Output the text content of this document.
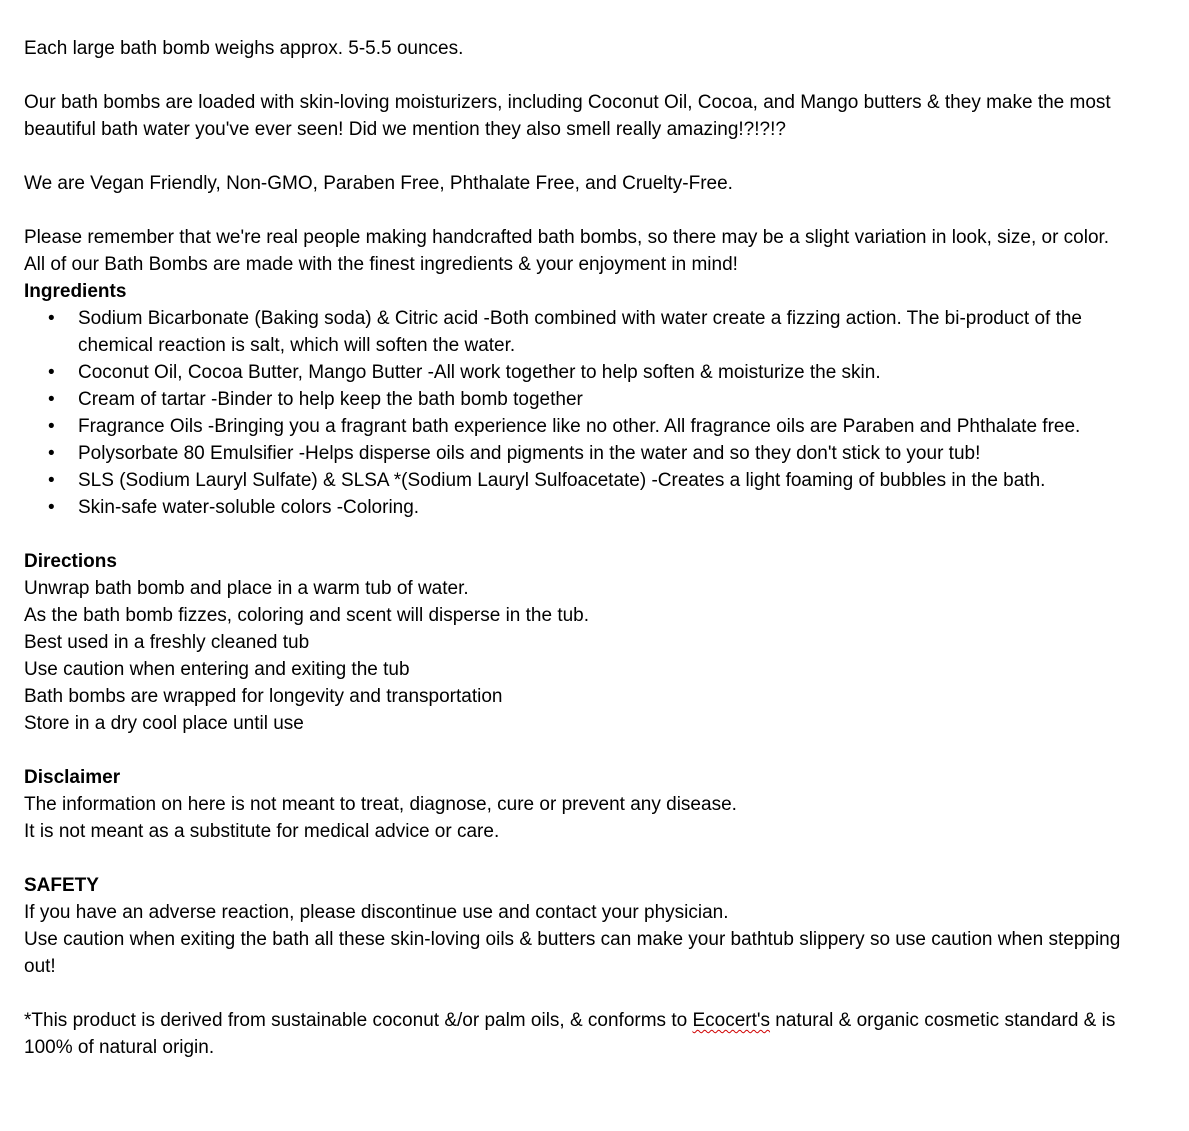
Each large bath bomb weighs approx. 5-5.5 ounces.

Our bath bombs are loaded with skin-loving moisturizers, including Coconut Oil, Cocoa, and Mango butters & they make the most beautiful bath water you've ever seen! Did we mention they also smell really amazing!?!?!?

We are Vegan Friendly, Non-GMO, Paraben Free, Phthalate Free, and Cruelty-Free.

Please remember that we're real people making handcrafted bath bombs, so there may be a slight variation in look, size, or color. All of our Bath Bombs are made with the finest ingredients & your enjoyment in mind!

Ingredients

• Sodium Bicarbonate (Baking soda) & Citric acid -Both combined with water create a fizzing action. The bi-product of the chemical reaction is salt, which will soften the water.
• Coconut Oil, Cocoa Butter, Mango Butter -All work together to help soften & moisturize the skin.
• Cream of tartar -Binder to help keep the bath bomb together
• Fragrance Oils -Bringing you a fragrant bath experience like no other. All fragrance oils are Paraben and Phthalate free.
• Polysorbate 80 Emulsifier -Helps disperse oils and pigments in the water and so they don't stick to your tub!
• SLS (Sodium Lauryl Sulfate) & SLSA *(Sodium Lauryl Sulfoacetate) -Creates a light foaming of bubbles in the bath.
• Skin-safe water-soluble colors -Coloring.

Directions

Unwrap bath bomb and place in a warm tub of water.

As the bath bomb fizzes, coloring and scent will disperse in the tub.

Best used in a freshly cleaned tub

Use caution when entering and exiting the tub

Bath bombs are wrapped for longevity and transportation

Store in a dry cool place until use

Disclaimer

The information on here is not meant to treat, diagnose, cure or prevent any disease.

It is not meant as a substitute for medical advice or care.

SAFETY

If you have an adverse reaction, please discontinue use and contact your physician.

Use caution when exiting the bath all these skin-loving oils & butters can make your bathtub slippery so use caution when stepping out!

*This product is derived from sustainable coconut &/or palm oils, & conforms to Ecocert's natural & organic cosmetic standard & is 100% of natural origin.
